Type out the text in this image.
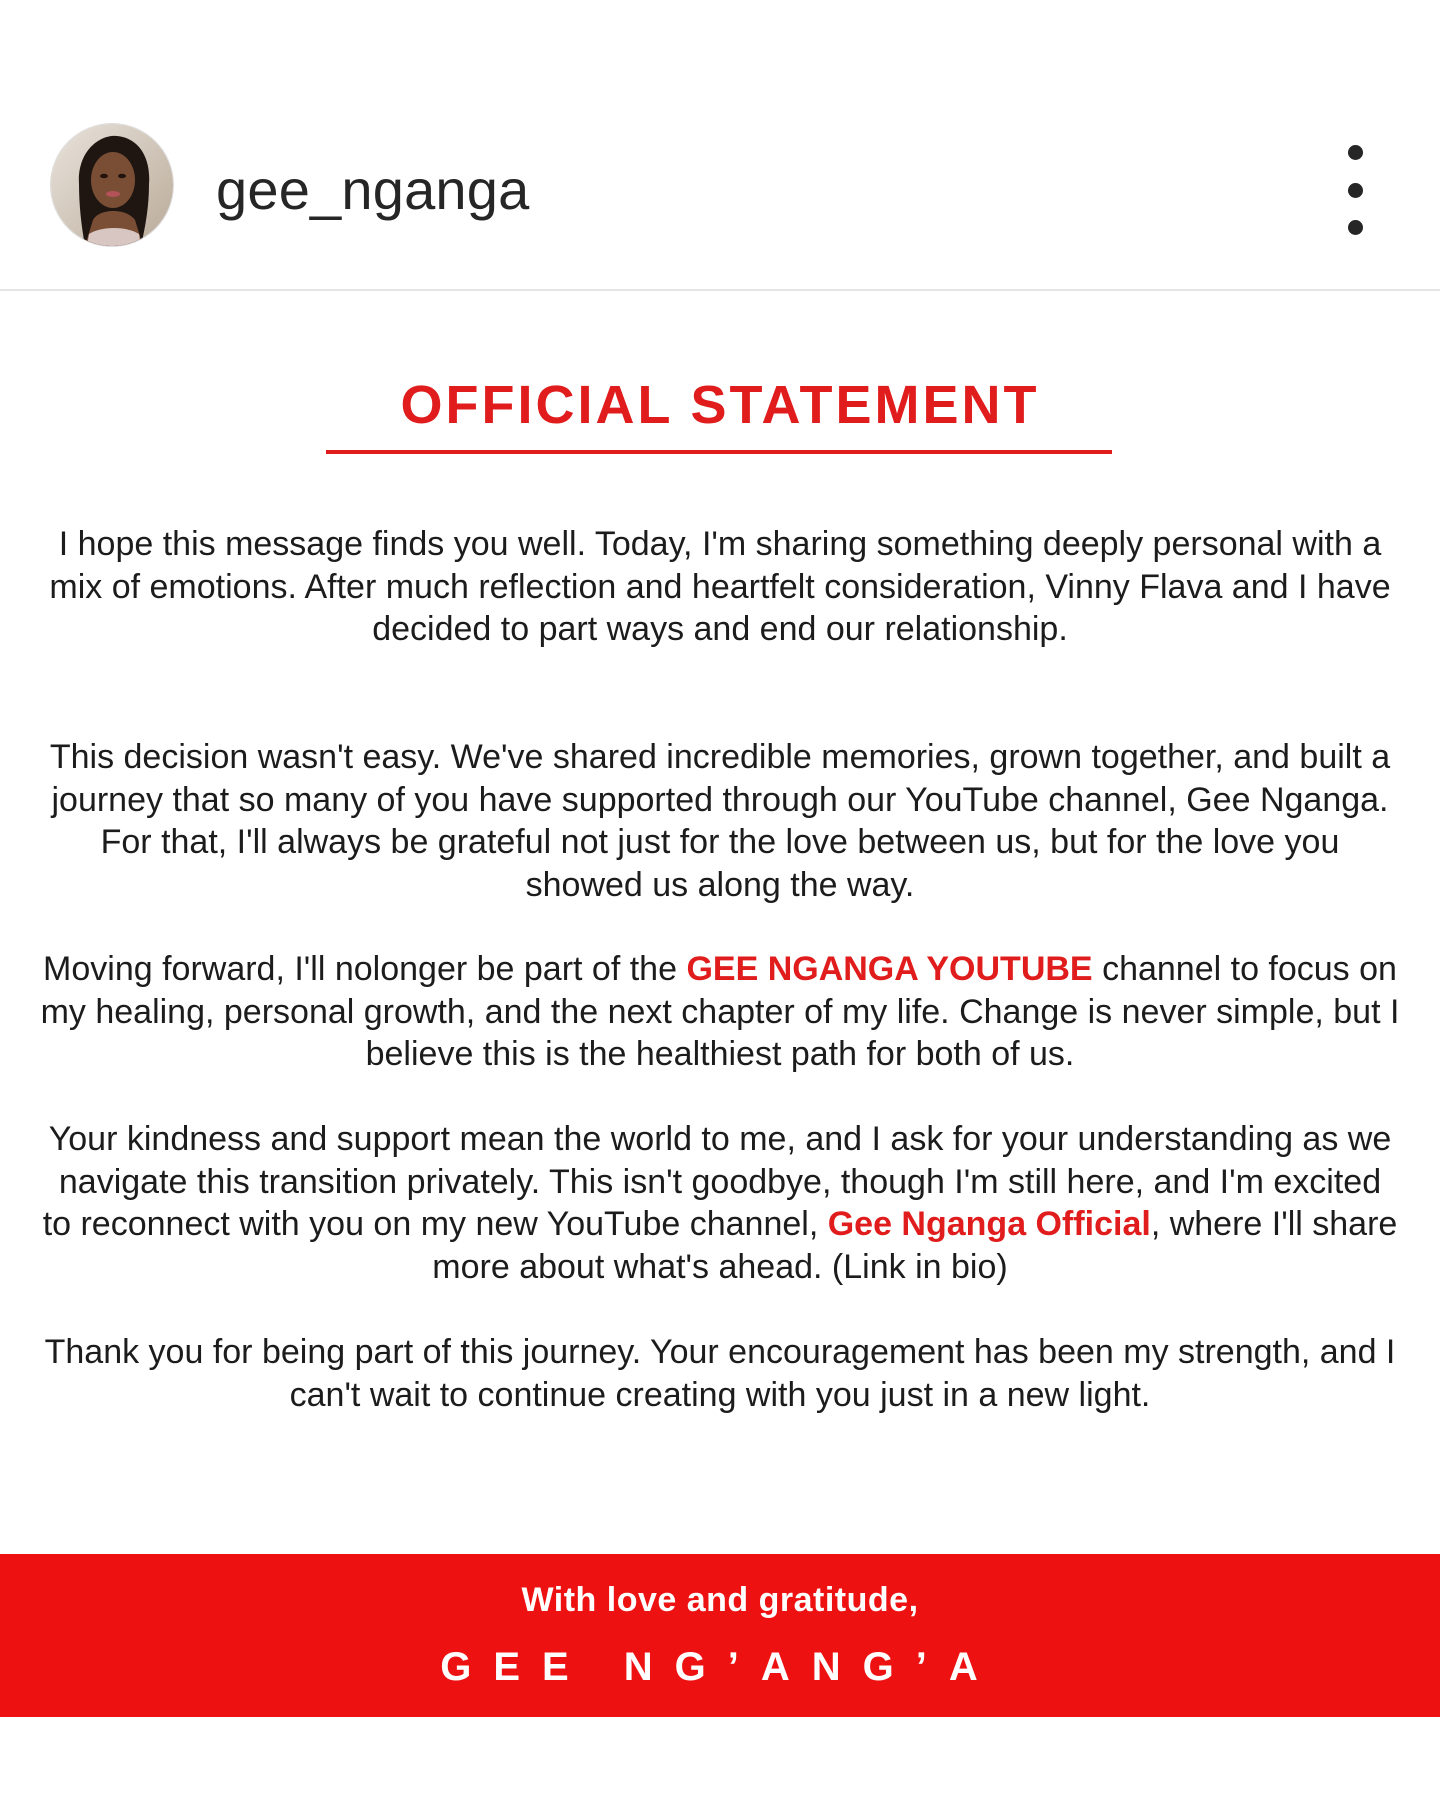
gee_nganga
OFFICIAL STATEMENT

I hope this message finds you well. Today, I'm sharing something deeply personal with a mix of emotions. After much reflection and heartfelt consideration, Vinny Flava and I have decided to part ways and end our relationship.

This decision wasn't easy. We've shared incredible memories, grown together, and built a journey that so many of you have supported through our YouTube channel, Gee Nganga. For that, I'll always be grateful not just for the love between us, but for the love you showed us along the way.

Moving forward, I'll nolonger be part of the GEE NGANGA YOUTUBE channel to focus on my healing, personal growth, and the next chapter of my life. Change is never simple, but I believe this is the healthiest path for both of us.

Your kindness and support mean the world to me, and I ask for your understanding as we navigate this transition privately. This isn't goodbye, though I'm still here, and I'm excited to reconnect with you on my new YouTube channel, Gee Nganga Official, where I'll share more about what's ahead. (Link in bio)

Thank you for being part of this journey. Your encouragement has been my strength, and I can't wait to continue creating with you just in a new light.

With love and gratitude,
GEE NG’ANG’A
